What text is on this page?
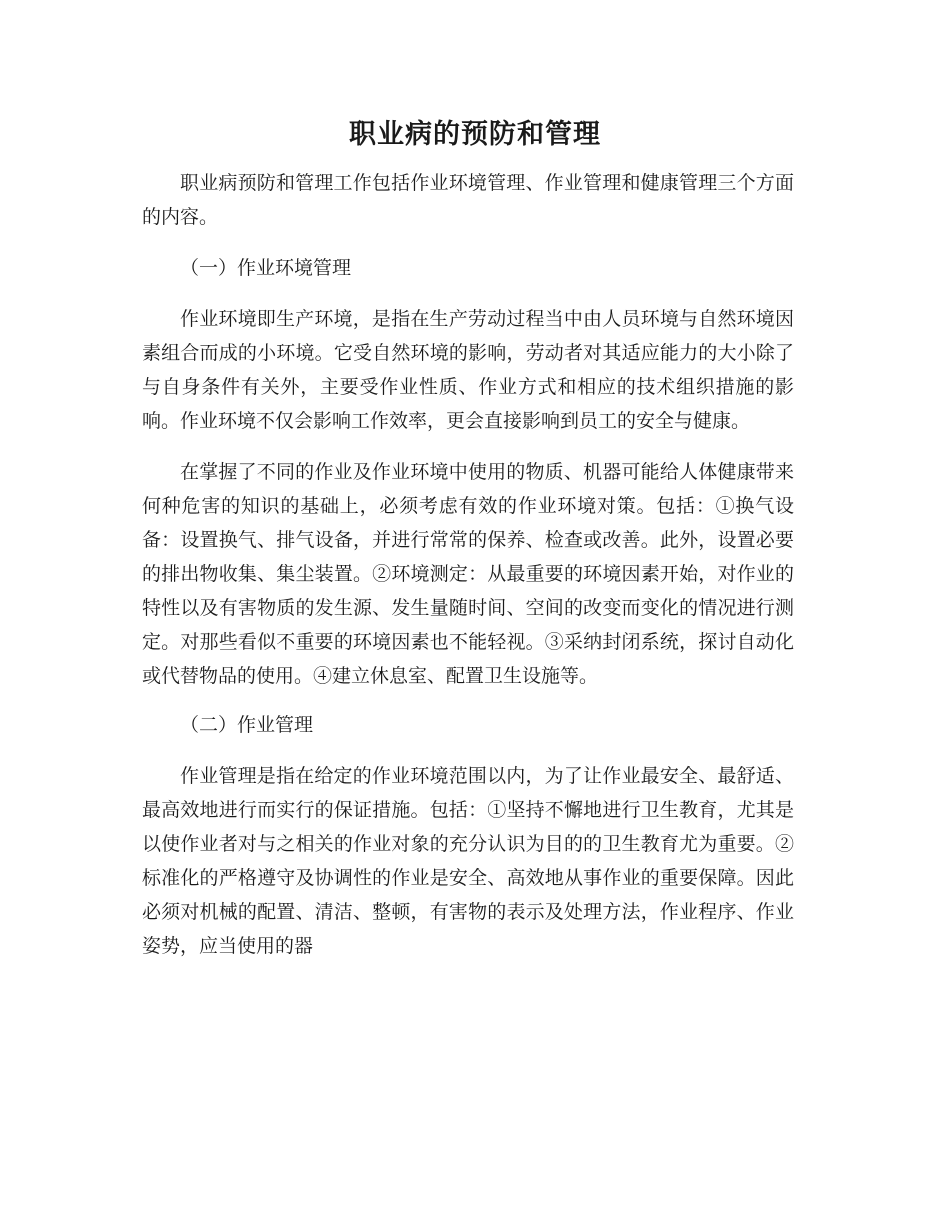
职业病的预防和管理

职业病预防和管理工作包括作业环境管理、作业管理和健康管理三个方面的内容。

（一）作业环境管理

作业环境即生产环境，是指在生产劳动过程当中由人员环境与自然环境因素组合而成的小环境。它受自然环境的影响，劳动者对其适应能力的大小除了与自身条件有关外，主要受作业性质、作业方式和相应的技术组织措施的影响。作业环境不仅会影响工作效率，更会直接影响到员工的安全与健康。

在掌握了不同的作业及作业环境中使用的物质、机器可能给人体健康带来何种危害的知识的基础上，必须考虑有效的作业环境对策。包括：①换气设备：设置换气、排气设备，并进行常常的保养、检查或改善。此外，设置必要的排出物收集、集尘装置。②环境测定：从最重要的环境因素开始，对作业的特性以及有害物质的发生源、发生量随时间、空间的改变而变化的情况进行测定。对那些看似不重要的环境因素也不能轻视。③采纳封闭系统，探讨自动化或代替物品的使用。④建立休息室、配置卫生设施等。

（二）作业管理

作业管理是指在给定的作业环境范围以内，为了让作业最安全、最舒适、最高效地进行而实行的保证措施。包括：①坚持不懈地进行卫生教育，尤其是以使作业者对与之相关的作业对象的充分认识为目的的卫生教育尤为重要。②标准化的严格遵守及协调性的作业是安全、高效地从事作业的重要保障。因此必须对机械的配置、清洁、整顿，有害物的表示及处理方法，作业程序、作业姿势，应当使用的器
